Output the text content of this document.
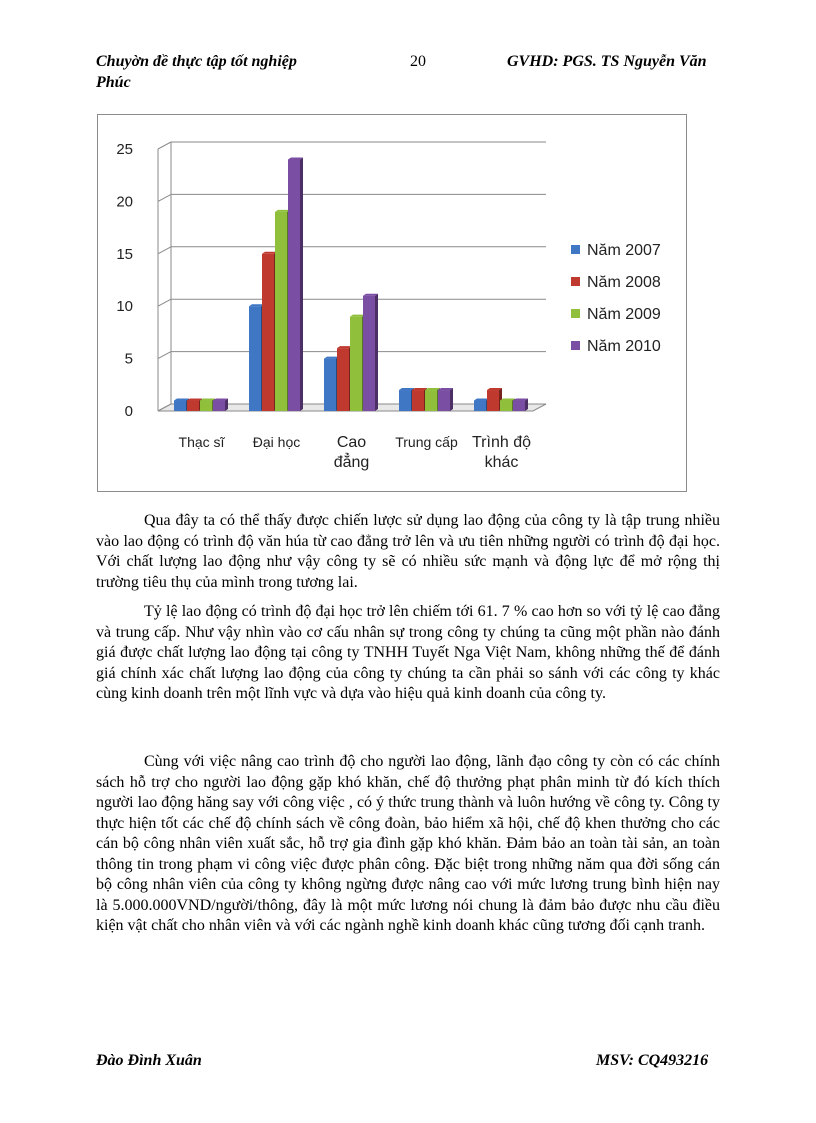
Chuyờn đề thực tập tốt nghiệp
Phúc
20	GVHD: PGS. TS Nguyễn Văn
0
5
10
15
20
25
Thạc sĩ Đại học Cao
đẳng
Trung cấp Trình độ
khác
Năm 2007
Năm 2008
Năm 2009
Năm 2010

Qua đây ta có thể thấy được chiến lược sử dụng lao động của công ty là tập trung nhiều vào lao động có trình độ văn húa từ cao đẳng trở lên và ưu tiên những người có trình độ đại học. Với chất lượng lao động như vậy công ty sẽ có nhiều sức mạnh và động lực để mở rộng thị trường tiêu thụ của mình trong tương lai.

Tỷ lệ lao động có trình độ đại học trở lên chiếm tới 61. 7 % cao hơn so với tỷ lệ cao đẳng và trung cấp. Như vậy nhìn vào cơ cấu nhân sự trong công ty chúng ta cũng một phần nào đánh giá được chất lượng lao động tại công ty TNHH Tuyết Nga Việt Nam, không những thế để đánh giá chính xác chất lượng lao động của công ty chúng ta cần phải so sánh với các công ty khác cùng kinh doanh trên một lĩnh vực và dựa vào hiệu quả kinh doanh của công ty.

Cùng với việc nâng cao trình độ cho người lao động, lãnh đạo công ty còn có các chính sách hỗ trợ cho người lao động gặp khó khăn, chế độ thưởng phạt phân minh từ đó kích thích người lao động hăng say với công việc , có ý thức trung thành và luôn hướng về công ty. Công ty thực hiện tốt các chế độ chính sách về công đoàn, bảo hiểm xã hội, chế độ khen thưởng cho các cán bộ công nhân viên xuất sắc, hỗ trợ gia đình gặp khó khăn. Đảm bảo an toàn tài sản, an toàn thông tin trong phạm vi công việc được phân công. Đặc biệt trong những năm qua đời sống cán bộ công nhân viên của công ty không ngừng được nâng cao với mức lương trung bình hiện nay là 5.000.000VND/người/thông, đây là một mức lương nói chung là đảm bảo được nhu cầu điều kiện vật chất cho nhân viên và với các ngành nghề kinh doanh khác cũng tương đối cạnh tranh.

Đào Đình Xuân	MSV: CQ493216
